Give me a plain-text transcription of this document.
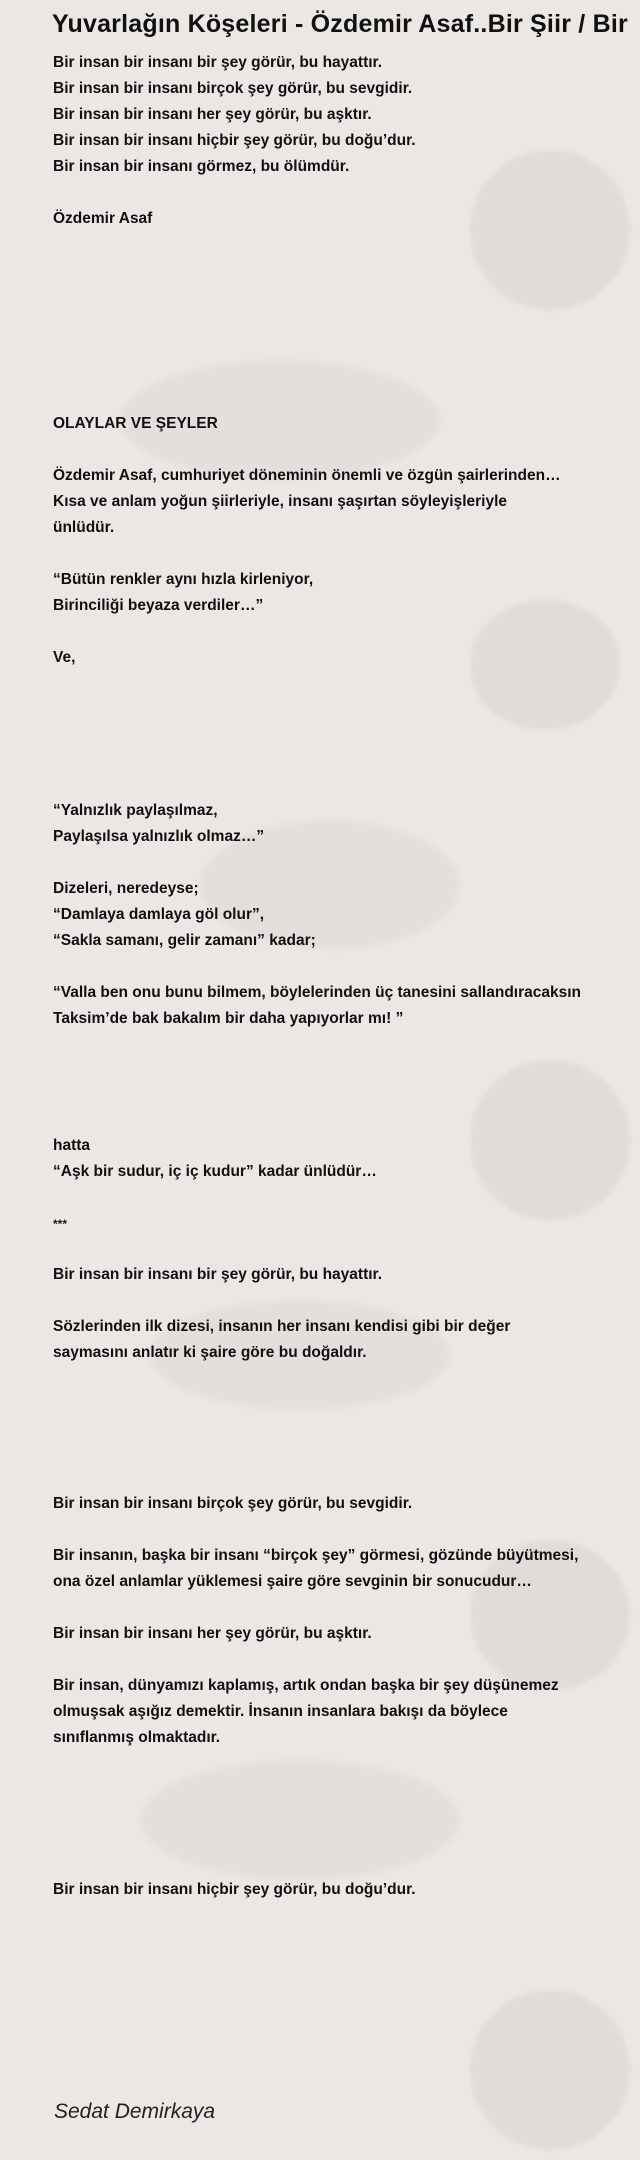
Yuvarlağın Köşeleri - Özdemir Asaf..Bir Şiir / Bir
Bir insan bir insanı bir şey görür, bu hayattır.
Bir insan bir insanı birçok şey görür, bu sevgidir.
Bir insan bir insanı her şey görür, bu aşktır.
Bir insan bir insanı hiçbir şey görür, bu doğu’dur.
Bir insan bir insanı görmez, bu ölümdür.
Özdemir Asaf
OLAYLAR VE ŞEYLER
Özdemir Asaf, cumhuriyet döneminin önemli ve özgün şairlerinden…
Kısa ve anlam yoğun şiirleriyle, insanı şaşırtan söyleyişleriyle
ünlüdür.
“Bütün renkler aynı hızla kirleniyor,
Birinciliği beyaza verdiler…”
Ve,
“Yalnızlık paylaşılmaz,
Paylaşılsa yalnızlık olmaz…”
Dizeleri, neredeyse;
“Damlaya damlaya göl olur”,
“Sakla samanı, gelir zamanı” kadar;
“Valla ben onu bunu bilmem, böylelerinden üç tanesini sallandıracaksın
Taksim’de bak bakalım bir daha yapıyorlar mı! ”
hatta
“Aşk bir sudur, iç iç kudur” kadar ünlüdür…
***
Bir insan bir insanı bir şey görür, bu hayattır.
Sözlerinden ilk dizesi, insanın her insanı kendisi gibi bir değer
saymasını anlatır ki şaire göre bu doğaldır.
Bir insan bir insanı birçok şey görür, bu sevgidir.
Bir insanın, başka bir insanı “birçok şey” görmesi, gözünde büyütmesi,
ona özel anlamlar yüklemesi şaire göre sevginin bir sonucudur…
Bir insan bir insanı her şey görür, bu aşktır.
Bir insan, dünyamızı kaplamış, artık ondan başka bir şey düşünemez
olmuşsak aşığız demektir. İnsanın insanlara bakışı da böylece
sınıflanmış olmaktadır.
Bir insan bir insanı hiçbir şey görür, bu doğu’dur.
Sedat Demirkaya
